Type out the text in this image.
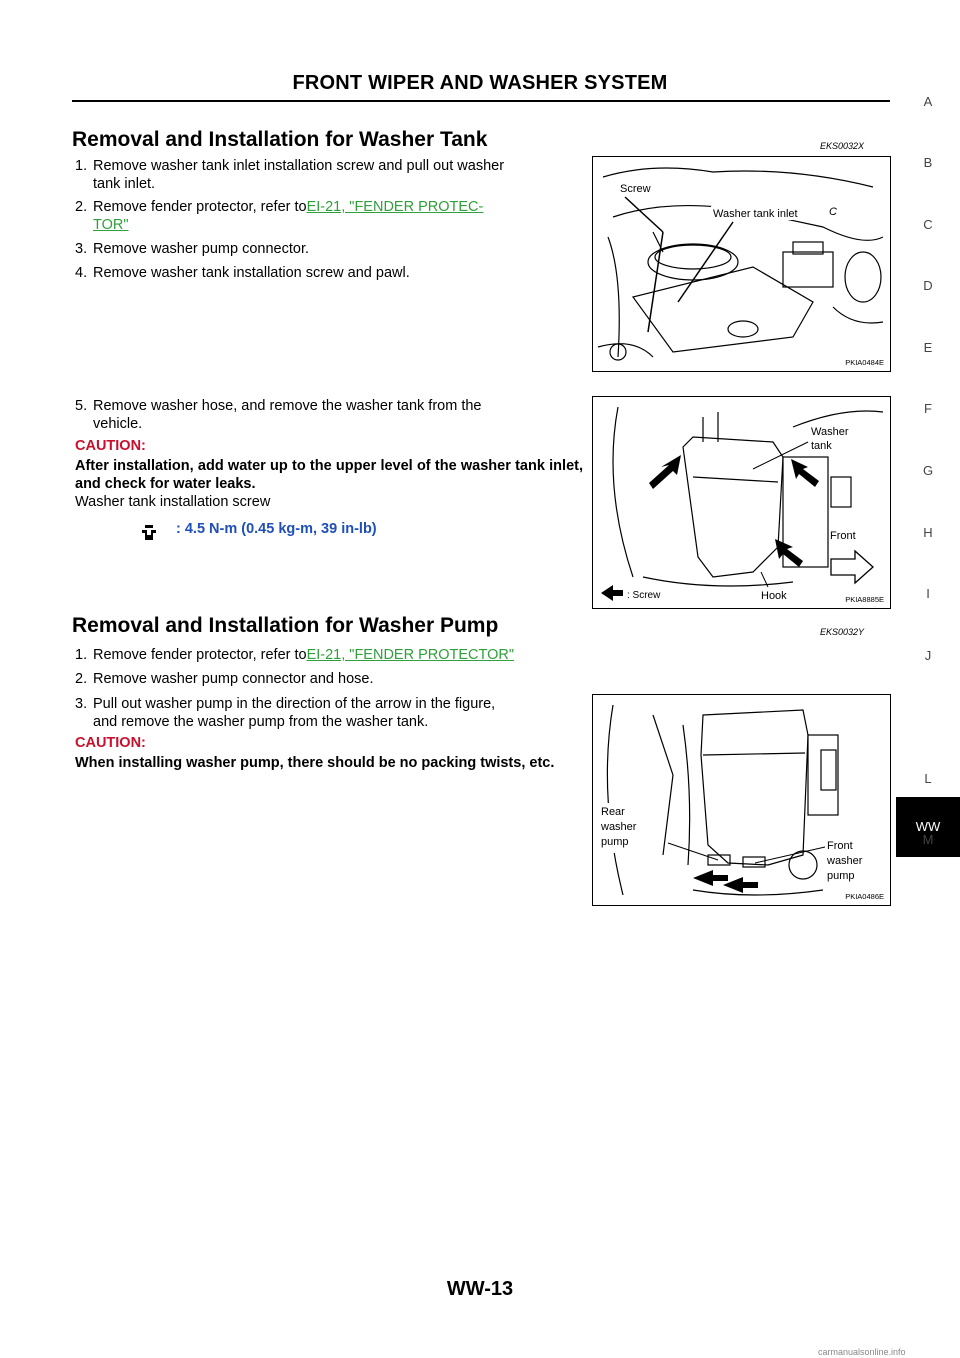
FRONT WIPER AND WASHER SYSTEM
Removal and Installation for Washer Tank	EKS0032X
1. Remove washer tank inlet installation screw and pull out washer
tank inlet.
2. Remove fender protector, refer toEI-21, "FENDER PROTEC-
TOR"
3. Remove washer pump connector.
4. Remove washer tank installation screw and pawl.
5. Remove washer hose, and remove the washer tank from the
vehicle.
CAUTION:
After installation, add water up to the upper level of the washer tank inlet, and check for water leaks.
Washer tank installation screw
: 4.5 N-m (0.45 kg-m, 39 in-lb)
Removal and Installation for Washer Pump	EKS0032Y
1. Remove fender protector, refer toEI-21, "FENDER PROTECTOR"
2. Remove washer pump connector and hose.
3. Pull out washer pump in the direction of the arrow in the figure,
and remove the washer pump from the washer tank.
CAUTION:
When installing washer pump, there should be no packing twists, etc.
Screw
Washer tank inlet	C
PKIA0484E
Washer
tank
Front
Hook
: Screw	PKIA8885E
Rear
washer
pump	Front
washer
pump
PKIA0486E
A
B
C
D
E
F
G
H
I
J
WW
L
M
WW-13
carmanualsonline.info
